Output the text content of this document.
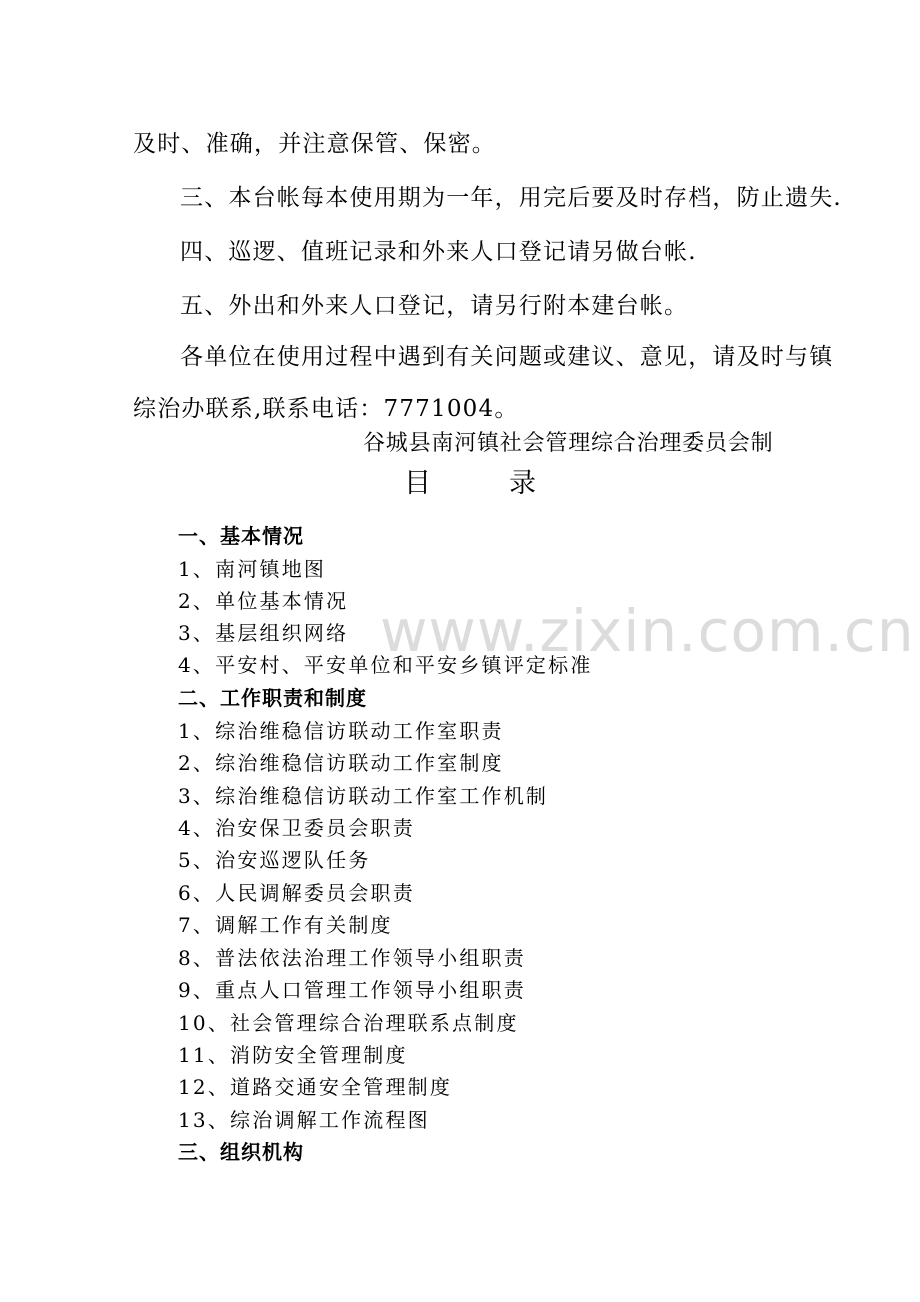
及时、准确，并注意保管、保密。
三、本台帐每本使用期为一年，用完后要及时存档，防止遗失.
四、巡逻、值班记录和外来人口登记请另做台帐.
五、外出和外来人口登记，请另行附本建台帐。
各单位在使用过程中遇到有关问题或建议、意见，请及时与镇
综治办联系,联系电话：7771004。
谷城县南河镇社会管理综合治理委员会制
目	录
www.zixin.com.cn
一、基本情况
1、南河镇地图
2、单位基本情况
3、基层组织网络
4、平安村、平安单位和平安乡镇评定标准
二、工作职责和制度
1、综治维稳信访联动工作室职责
2、综治维稳信访联动工作室制度
3、综治维稳信访联动工作室工作机制
4、治安保卫委员会职责
5、治安巡逻队任务
6、人民调解委员会职责
7、调解工作有关制度
8、普法依法治理工作领导小组职责
9、重点人口管理工作领导小组职责
10、社会管理综合治理联系点制度
11、消防安全管理制度
12、道路交通安全管理制度
13、综治调解工作流程图
三、组织机构
